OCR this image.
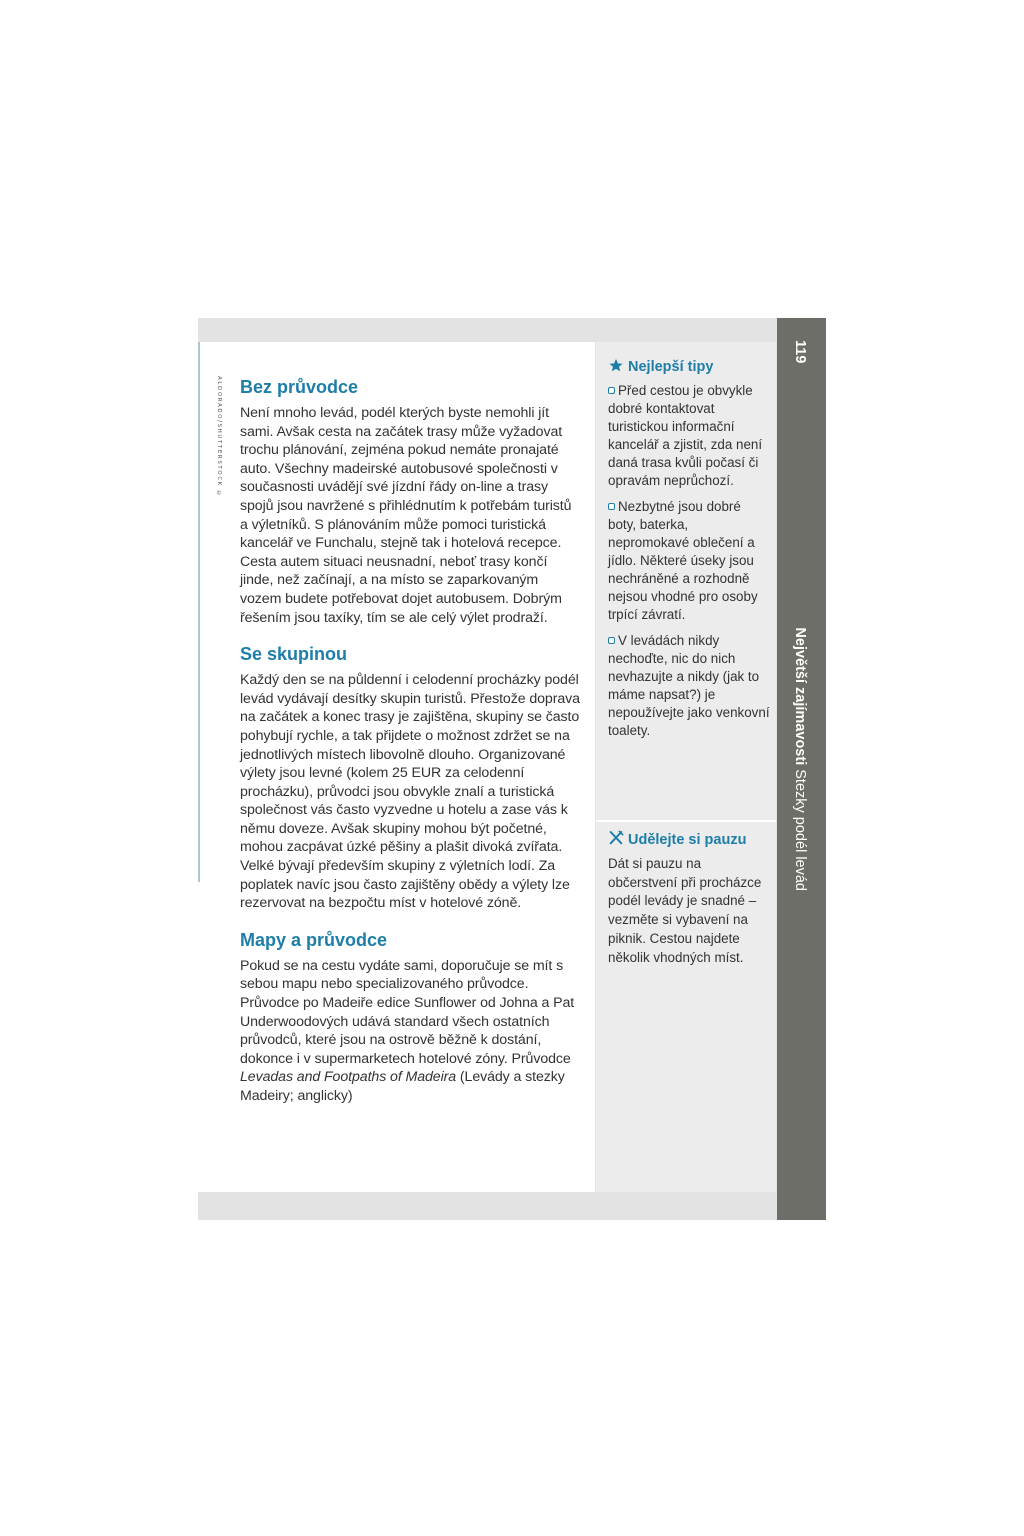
ALDORADO/SHUTTERSTOCK © Bez průvodce

Není mnoho levád, podél kterých byste nemohli jít sami. Avšak cesta na začátek trasy může vyžadovat trochu plánování, zejména pokud nemáte pronajaté auto. Všechny madeirské autobusové společnosti v současnosti uvádějí své jízdní řády on-line a trasy spojů jsou navržené s přihlédnutím k potřebám turistů a výletníků. S plánováním může pomoci turistická kancelář ve Funchalu, stejně tak i hotelová recepce. Cesta autem situaci neusnadní, neboť trasy končí jinde, než začínají, a na místo se zaparkovaným vozem budete potřebovat dojet autobusem. Dobrým řešením jsou taxíky, tím se ale celý výlet prodraží.

Se skupinou

Každý den se na půldenní i celodenní procházky podél levád vydávají desítky skupin turistů. Přestože doprava na začátek a konec trasy je zajištěna, skupiny se často pohybují rychle, a tak přijdete o možnost zdržet se na jednotlivých místech libovolně dlouho. Organizované výlety jsou levné (kolem 25 EUR za celodenní procházku), průvodci jsou obvykle znalí a turistická společnost vás často vyzvedne u hotelu a zase vás k němu doveze. Avšak skupiny mohou být početné, mohou zacpávat úzké pěšiny a plašit divoká zvířata. Velké bývají především skupiny z výletních lodí. Za poplatek navíc jsou často zajištěny obědy a výlety lze rezervovat na bezpočtu míst v hotelové zóně.

Mapy a průvodce

Pokud se na cestu vydáte sami, doporučuje se mít s sebou mapu nebo specializovaného průvodce. Průvodce po Madeiře edice Sunflower od Johna a Pat Underwoodových udává standard všech ostatních průvodců, které jsou na ostrově běžně k dostání, dokonce i v supermarketech hotelové zóny. Průvodce Levadas and Footpaths of Madeira (Levády a stezky Madeiry; anglicky)

Nejlepší tipy

Před cestou je obvykle dobré kontaktovat turistickou informační kancelář a zjistit, zda není daná trasa kvůli počasí či opravám neprůchozí.

Nezbytné jsou dobré boty, baterka, nepromokavé oblečení a jídlo. Některé úseky jsou nechráněné a rozhodně nejsou vhodné pro osoby trpící závratí.

V levádách nikdy nechoďte, nic do nich nevhazujte a nikdy (jak to máme napsat?) je nepoužívejte jako venkovní toalety.

Udělejte si pauzu

Dát si pauzu na občerstvení při procházce podél levády je snadné – vezměte si vybavení na piknik. Cestou najdete několik vhodných míst.

119Největší zajímavosti Stezky podél levád
